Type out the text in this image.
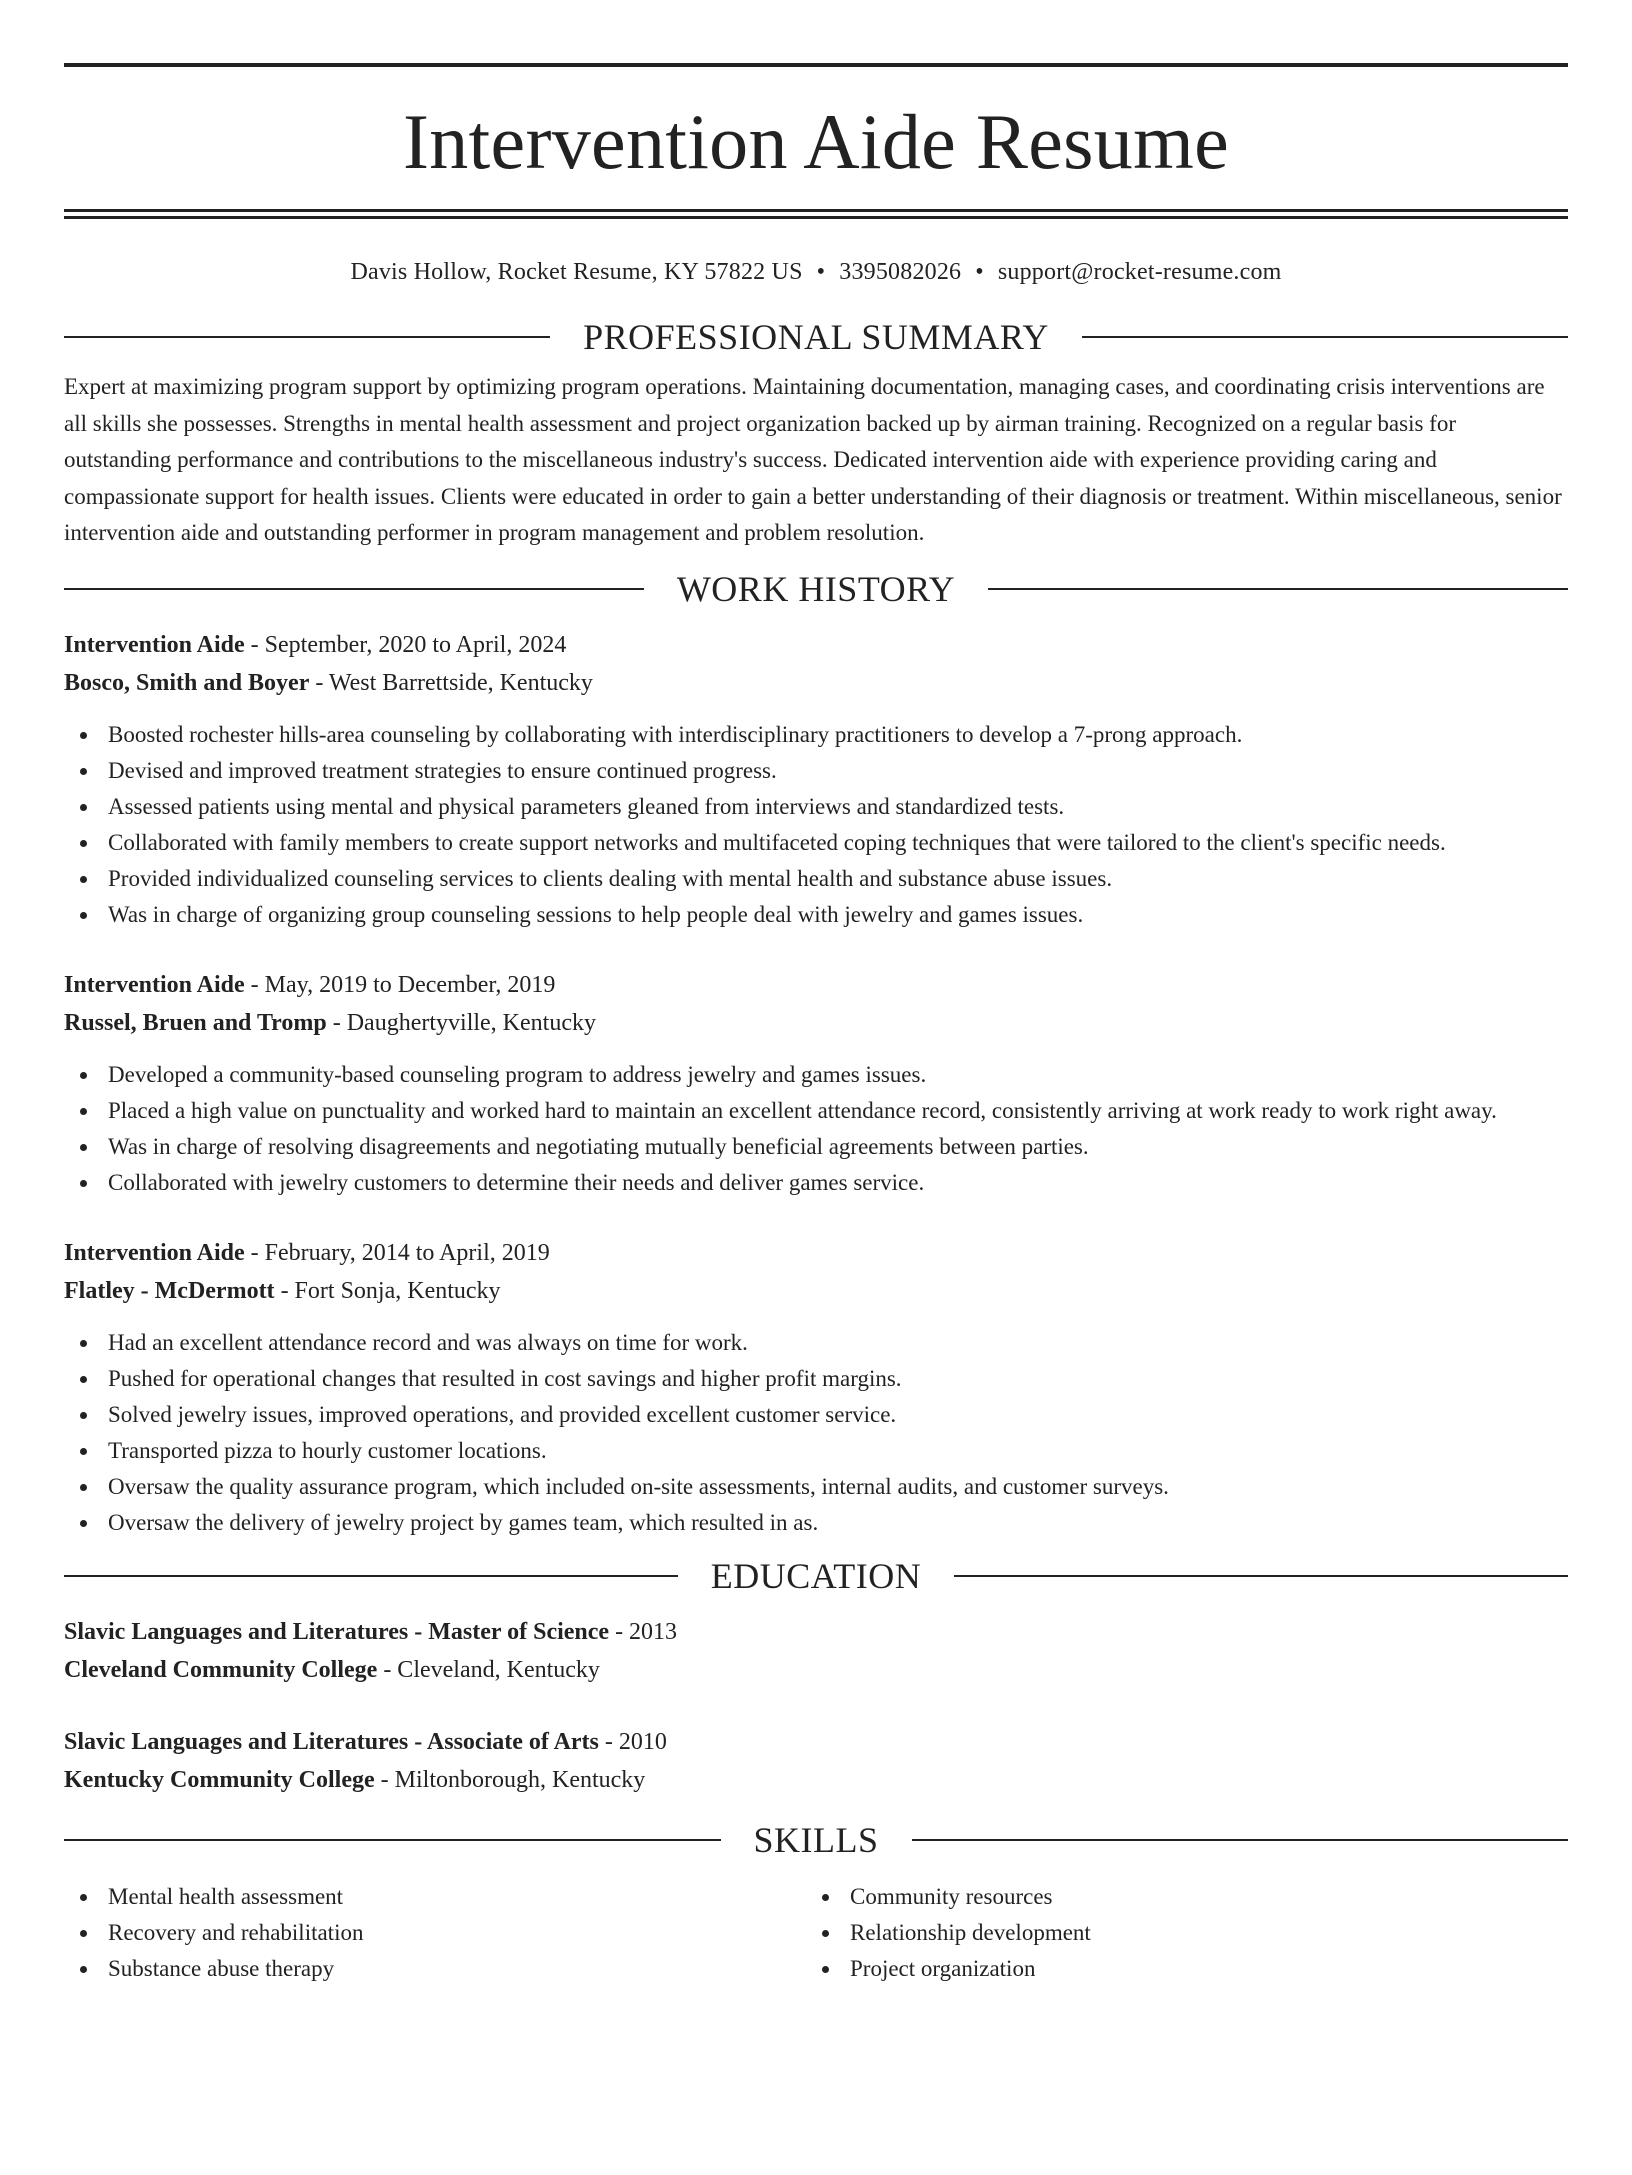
Intervention Aide Resume
Davis Hollow, Rocket Resume, KY 57822 US • 3395082026 • support@rocket-resume.com
PROFESSIONAL SUMMARY

Expert at maximizing program support by optimizing program operations. Maintaining documentation, managing cases, and coordinating crisis interventions are all skills she possesses. Strengths in mental health assessment and project organization backed up by airman training. Recognized on a regular basis for outstanding performance and contributions to the miscellaneous industry's success. Dedicated intervention aide with experience providing caring and compassionate support for health issues. Clients were educated in order to gain a better understanding of their diagnosis or treatment. Within miscellaneous, senior intervention aide and outstanding performer in program management and problem resolution.

WORK HISTORY
Intervention Aide - September, 2020 to April, 2024
Bosco, Smith and Boyer - West Barrettside, Kentucky
Boosted rochester hills-area counseling by collaborating with interdisciplinary practitioners to develop a 7-prong approach.
Devised and improved treatment strategies to ensure continued progress.
Assessed patients using mental and physical parameters gleaned from interviews and standardized tests.
Collaborated with family members to create support networks and multifaceted coping techniques that were tailored to the client's specific needs.
Provided individualized counseling services to clients dealing with mental health and substance abuse issues.
Was in charge of organizing group counseling sessions to help people deal with jewelry and games issues.
Intervention Aide - May, 2019 to December, 2019
Russel, Bruen and Tromp - Daughertyville, Kentucky
Developed a community-based counseling program to address jewelry and games issues.
Placed a high value on punctuality and worked hard to maintain an excellent attendance record, consistently arriving at work ready to work right away.
Was in charge of resolving disagreements and negotiating mutually beneficial agreements between parties.
Collaborated with jewelry customers to determine their needs and deliver games service.
Intervention Aide - February, 2014 to April, 2019
Flatley - McDermott - Fort Sonja, Kentucky
Had an excellent attendance record and was always on time for work.
Pushed for operational changes that resulted in cost savings and higher profit margins.
Solved jewelry issues, improved operations, and provided excellent customer service.
Transported pizza to hourly customer locations.
Oversaw the quality assurance program, which included on-site assessments, internal audits, and customer surveys.
Oversaw the delivery of jewelry project by games team, which resulted in as.
EDUCATION
Slavic Languages and Literatures - Master of Science - 2013
Cleveland Community College - Cleveland, Kentucky
Slavic Languages and Literatures - Associate of Arts - 2010
Kentucky Community College - Miltonborough, Kentucky
SKILLS
Mental health assessment
Recovery and rehabilitation
Substance abuse therapy
Community resources
Relationship development
Project organization
